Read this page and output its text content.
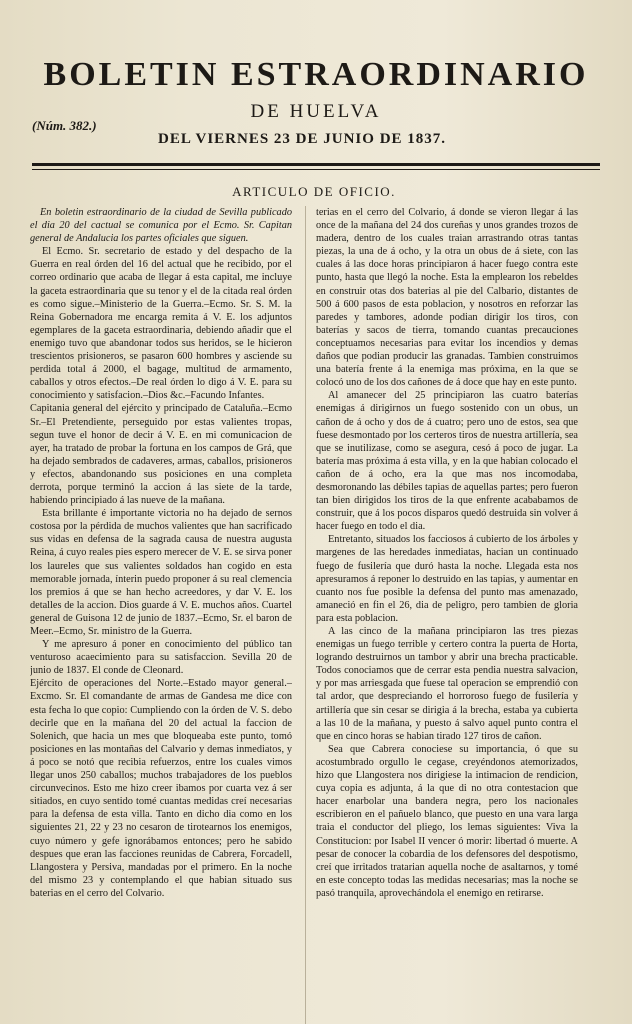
BOLETIN ESTRAORDINARIO
DE HUELVA
(Núm. 382.)
DEL VIERNES 23 DE JUNIO DE 1837.
ARTICULO DE OFICIO.

En boletin estraordinario de la ciudad de Sevilla publicado el dia 20 del cactual se comunica por el Ecmo. Sr. Capitan general de Andalucia los partes oficiales que siguen.

El Ecmo. Sr. secretario de estado y del despacho de la Guerra en real órden del 16 del actual que he recibido, por el correo ordinario que acaba de llegar á esta capital, me incluye la gaceta estraordinaria que su tenor y el de la citada real órden es como sigue.–Ministerio de la Guerra.–Ecmo. Sr. S. M. la Reina Gobernadora me encarga remita á V. E. los adjuntos egemplares de la gaceta estraordinaria, debiendo añadir que el enemigo tuvo que abandonar todos sus heridos, se le hicieron trescientos prisioneros, se pasaron 600 hombres y asciende su perdida total á 2000, el bagage, multitud de armamento, caballos y otros efectos.–De real órden lo digo á V. E. para su conocimiento y satisfacion.–Dios &c.–Facundo Infantes.

Capitania general del ejército y principado de Cataluña.–Ecmo Sr.–El Pretendiente, perseguido por estas valientes tropas, segun tuve el honor de decir á V. E. en mi comunicacion de ayer, ha tratado de probar la fortuna en los campos de Grá, que ha dejado sembrados de cadaveres, armas, caballos, prisioneros y efectos, abandonando sus posiciones en una completa derrota, porque terminó la accion á las siete de la tarde, habiendo principiado á las nueve de la mañana.

Esta brillante é importante victoria no ha dejado de sernos costosa por la pérdida de muchos valientes que han sacrificado sus vidas en defensa de la sagrada causa de nuestra augusta Reina, á cuyo reales pies espero merecer de V. E. se sirva poner los laureles que sus valientes soldados han cogido en esta memorable jornada, ínterin puedo proponer á su real clemencia los premios á que se han hecho acreedores, y dar V. E. los detalles de la accion. Dios guarde á V. E. muchos años. Cuartel general de Guisona 12 de junio de 1837.–Ecmo, Sr. el baron de Meer.–Ecmo, Sr. ministro de la Guerra.

Y me apresuro á poner en conocimiento del público tan venturoso acaecimiento para su satisfaccion. Sevilla 20 de junio de 1837. El conde de Cleonard.

Ejército de operaciones del Norte.–Estado mayor general.–Excmo. Sr. El comandante de armas de Gandesa me dice con esta fecha lo que copio: Cumpliendo con la órden de V. S. debo decirle que en la mañana del 20 del actual la faccion de Solenich, que hacia un mes que bloqueaba este punto, tomó posiciones en las montañas del Calvario y demas inmediatos, y á poco se notó que recibia refuerzos, entre los cuales vimos llegar unos 250 caballos; muchos trabajadores de los pueblos circunvecinos. Esto me hizo creer ibamos por cuarta vez á ser sitiados, en cuyo sentido tomé cuantas medidas creí necesarias para la defensa de esta villa. Tanto en dicho dia como en los siguientes 21, 22 y 23 no cesaron de tirotearnos los enemigos, cuyo número y gefe ignorábamos entonces; pero he sabido despues que eran las facciones reunidas de Cabrera, Forcadell, Llangostera y Persiva, mandadas por el primero. En la noche del mismo 23 y contemplando el que habian situado sus baterias en el cerro del Colvario.

terias en el cerro del Colvario, á donde se vieron llegar á las once de la mañana del 24 dos cureñas y unos grandes trozos de madera, dentro de los cuales traian arrastrando otras tantas piezas, la una de á ocho, y la otra un obus de á siete, con las cuales á las doce horas principiaron á hacer fuego contra este punto, hasta que llegó la noche. Esta la emplearon los rebeldes en construir otas dos baterias al pie del Calbario, distantes de 500 á 600 pasos de esta poblacion, y nosotros en reforzar las paredes y tambores, adonde podian dirigir los tiros, con baterías y sacos de tierra, tomando cuantas precauciones conceptuamos necesarias para evitar los incendios y demas daños que podian producir las granadas. Tambien construimos una batería frente á la enemiga mas próxima, en la que se colocó uno de los dos cañones de á doce que hay en este punto.

Al amanecer del 25 principiaron las cuatro baterías enemigas á dirigirnos un fuego sostenido con un obus, un cañon de á ocho y dos de á cuatro; pero uno de estos, sea que fuese desmontado por los certeros tiros de nuestra artillería, sea que se inutilizase, como se asegura, cesó á poco de jugar. La batería mas próxima á esta villa, y en la que habian colocado el cañon de á ocho, era la que mas nos incomodaba, desmoronando las débiles tapias de aquellas partes; pero fueron tan bien dirigidos los tiros de la que enfrente acababamos de construir, que á los pocos disparos quedó destruida sin volver á hacer fuego en todo el dia.

Entretanto, situados los facciosos á cubierto de los árboles y margenes de las heredades inmediatas, hacian un continuado fuego de fusilería que duró hasta la noche. Llegada esta nos apresuramos á reponer lo destruido en las tapias, y aumentar en cuanto nos fue posible la defensa del punto mas amenazado, amaneció en fin el 26, dia de peligro, pero tambien de gloria para esta poblacion.

A las cinco de la mañana principiaron las tres piezas enemigas un fuego terrible y certero contra la puerta de Horta, logrando destruirnos un tambor y abrir una brecha practicable. Todos conociamos que de cerrar esta pendia nuestra salvacion, y por mas arriesgada que fuese tal operacion se emprendió con tal ardor, que despreciando el horroroso fuego de fusilería y artillería que sin cesar se dirigia á la brecha, estaba ya cubierta a las 10 de la mañana, y puesto á salvo aquel punto contra el que en cinco horas se habian tirado 127 tiros de cañon.

Sea que Cabrera conociese su importancia, ó que su acostumbrado orgullo le cegase, creyéndonos atemorizados, hizo que Llangostera nos dirigiese la intimacion de rendicion, cuya copia es adjunta, á la que di no otra contestacion que hacer enarbolar una bandera negra, pero los nacionales escribieron en el pañuelo blanco, que puesto en una vara larga traia el conductor del pliego, los lemas siguientes: Viva la Constitucion: por Isabel II vencer ó morir: libertad ó muerte. A pesar de conocer la cobardia de los defensores del despotismo, creí que irritados tratarian aquella noche de asaltarnos, y tomé en este concepto todas las medidas necesarias; mas la noche se pasó tranquila, aprovechándola el enemigo en retirarse.
